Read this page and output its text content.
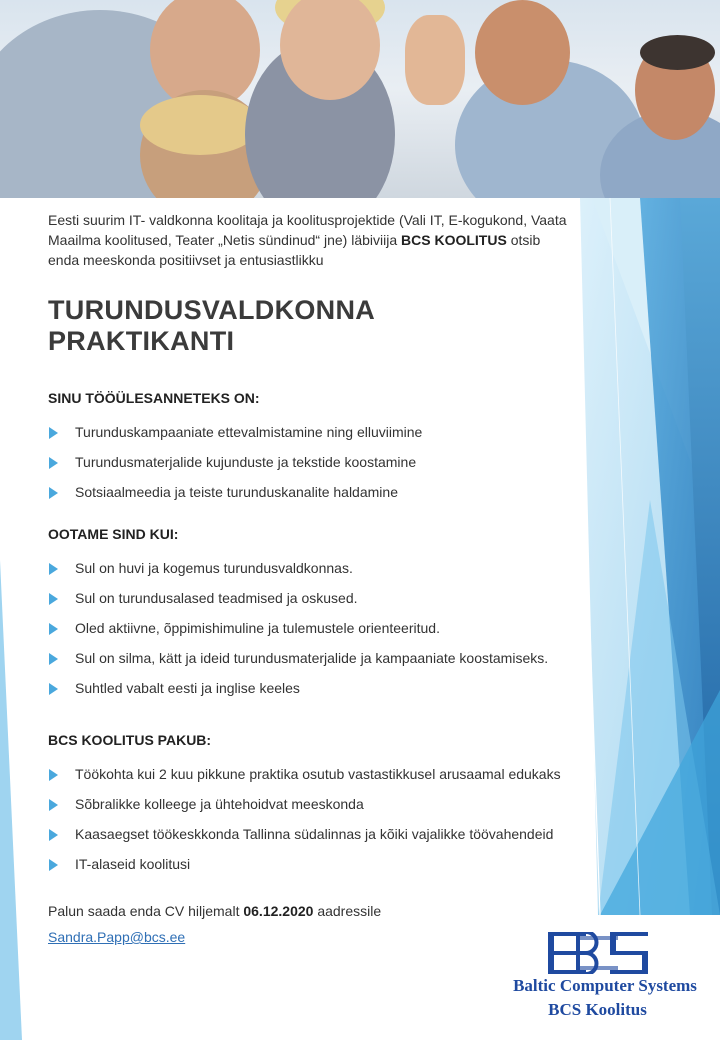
Eesti suurim IT- valdkonna koolitaja ja koolitusprojektide (Vali IT, E-kogukond, Vaata Maailma koolitused, Teater „Netis sündinud“ jne) läbiviija BCS KOOLITUS otsib enda meeskonda positiivset ja entusiastlikku

TURUNDUSVALDKONNA
PRAKTIKANTI
SINU TÖÖÜLESANNETEKS ON:
Turunduskampaaniate ettevalmistamine ning elluviimine
Turundusmaterjalide kujunduste ja tekstide koostamine
Sotsiaalmeedia ja teiste turunduskanalite haldamine
OOTAME SIND KUI:
Sul on huvi ja kogemus turundusvaldkonnas.
Sul on turundusalased teadmised ja oskused.
Oled aktiivne, õppimishimuline ja tulemustele orienteeritud.
Sul on silma, kätt ja ideid turundusmaterjalide ja kampaaniate koostamiseks.
Suhtled vabalt eesti ja inglise keeles
BCS KOOLITUS PAKUB:
Töökohta kui 2 kuu pikkune praktika osutub vastastikkusel arusaamal edukaks
Sõbralikke kolleege ja ühtehoidvat meeskonda
Kaasaegset töökeskkonda Tallinna südalinnas ja kõiki vajalikke töövahendeid
IT-alaseid koolitusi

Palun saada enda CV hiljemalt 06.12.2020 aadressile

Sandra.Papp@bcs.ee
Baltic Computer Systems
BCS Koolitus
